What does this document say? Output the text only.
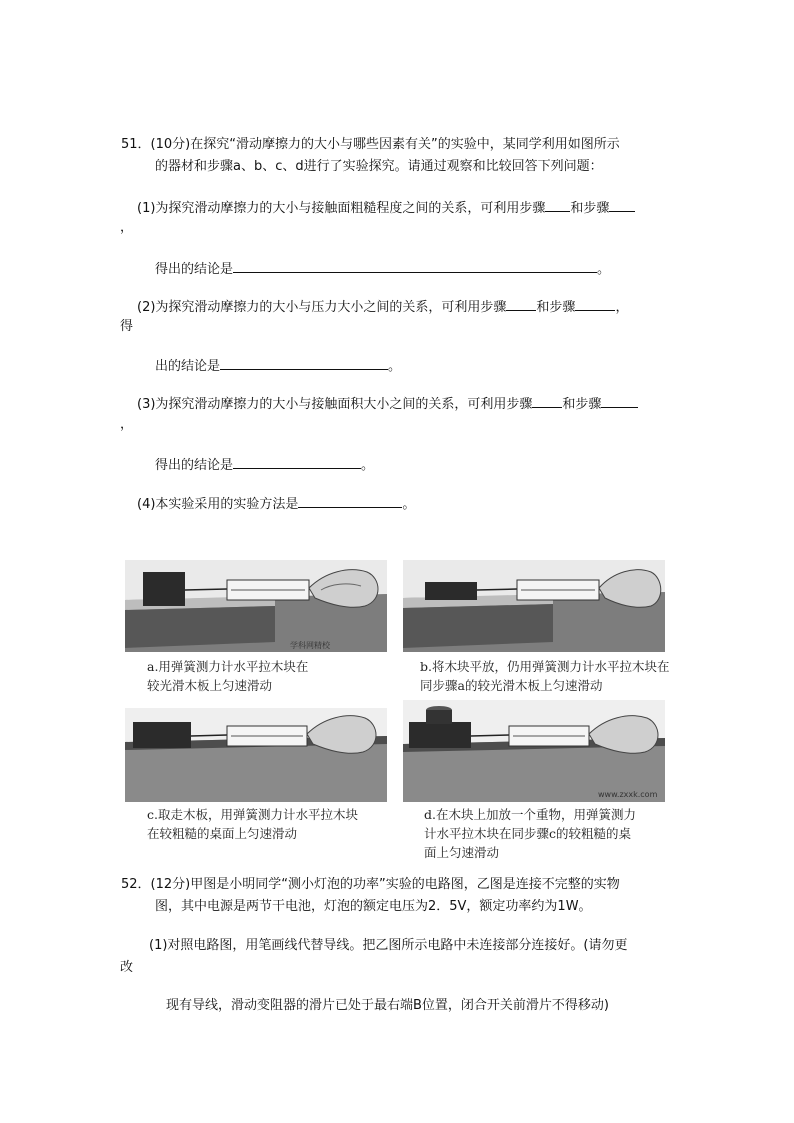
51．(10分)在探究“滑动摩擦力的大小与哪些因素有关”的实验中，某同学利用如图所示
的器材和步骤a、b、c、d进行了实验探究。请通过观察和比较回答下列问题：
(1)为探究滑动摩擦力的大小与接触面粗糙程度之间的关系，可利用步骤 和步骤
，
得出的结论是	。
(2)为探究滑动摩擦力的大小与压力大小之间的关系，可利用步骤 和步骤	，
得
出的结论是	。
(3)为探究滑动摩擦力的大小与接触面积大小之间的关系，可利用步骤 和步骤
，
得出的结论是	。
(4)本实验采用的实验方法是	。
学科网精校
a.用弹簧测力计水平拉木块在
较光滑木板上匀速滑动
b.将木块平放，仍用弹簧测力计水平拉木块在
同步骤a的较光滑木板上匀速滑动
c.取走木板，用弹簧测力计水平拉木块
在较粗糙的桌面上匀速滑动
www.zxxk.com
d.在木块上加放一个重物，用弹簧测力
计水平拉木块在同步骤c的较粗糙的桌
面上匀速滑动
52．(12分)甲图是小明同学“测小灯泡的功率”实验的电路图，乙图是连接不完整的实物
图，其中电源是两节干电池，灯泡的额定电压为2．5V，额定功率约为1W。
(1)对照电路图，用笔画线代替导线。把乙图所示电路中未连接部分连接好。(请勿更
改
现有导线，滑动变阻器的滑片已处于最右端B位置，闭合开关前滑片不得移动)
